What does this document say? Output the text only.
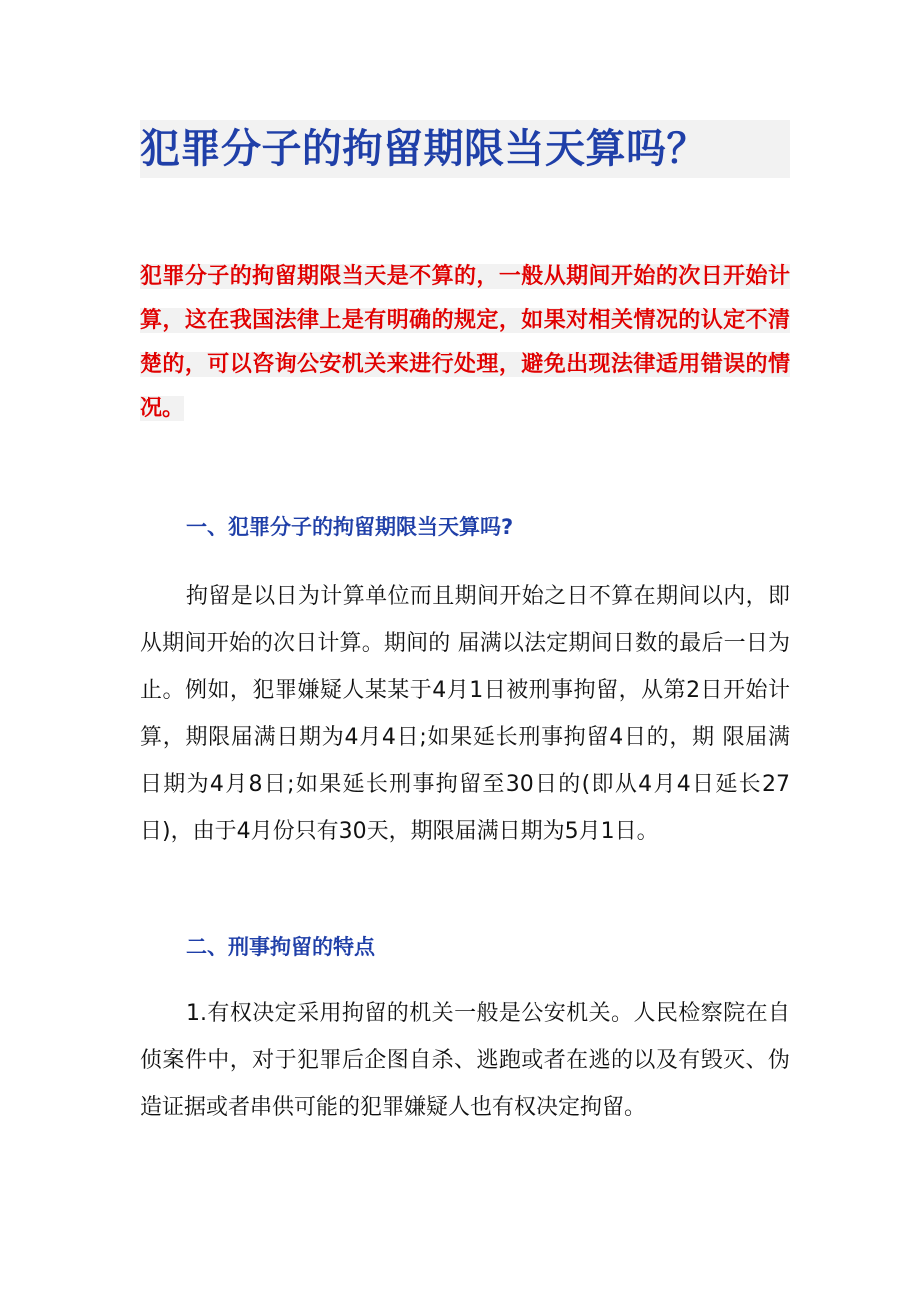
犯罪分子的拘留期限当天算吗？

犯罪分子的拘留期限当天是不算的，一般从期间开始的次日开始计算，这在我国法律上是有明确的规定，如果对相关情况的认定不清楚的，可以咨询公安机关来进行处理，避免出现法律适用错误的情况。

一、犯罪分子的拘留期限当天算吗?

拘留是以日为计算单位而且期间开始之日不算在期间以内，即从期间开始的次日计算。期间的 届满以法定期间日数的最后一日为止。例如，犯罪嫌疑人某某于4月1日被刑事拘留，从第2日开始计算，期限届满日期为4月4日;如果延长刑事拘留4日的，期 限届满日期为4月8日;如果延长刑事拘留至30日的(即从4月4日延长27日)，由于4月份只有30天，期限届满日期为5月1日。

二、刑事拘留的特点

1.有权决定采用拘留的机关一般是公安机关。人民检察院在自侦案件中，对于犯罪后企图自杀、逃跑或者在逃的以及有毁灭、伪造证据或者串供可能的犯罪嫌疑人也有权决定拘留。
